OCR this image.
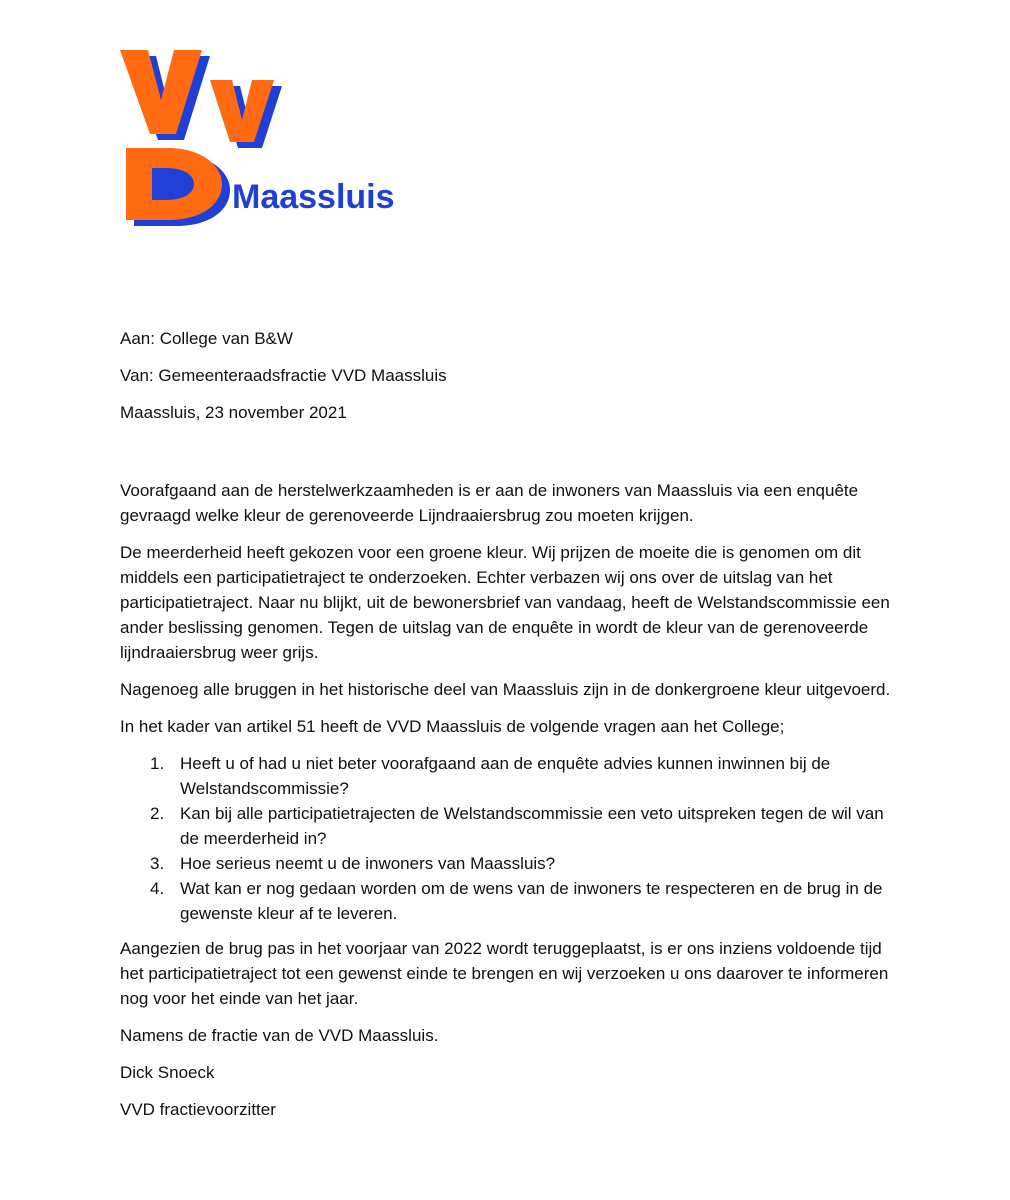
Maassluis

Aan: College van B&W

Van: Gemeenteraadsfractie VVD Maassluis

Maassluis, 23 november 2021

Voorafgaand aan de herstelwerkzaamheden is er aan de inwoners van Maassluis via een enquête gevraagd welke kleur de gerenoveerde Lijndraaiersbrug zou moeten krijgen.

De meerderheid heeft gekozen voor een groene kleur. Wij prijzen de moeite die is genomen om dit middels een participatietraject te onderzoeken. Echter verbazen wij ons over de uitslag van het participatietraject. Naar nu blijkt, uit de bewonersbrief van vandaag, heeft de Welstandscommissie een ander beslissing genomen. Tegen de uitslag van de enquête in wordt de kleur van de gerenoveerde lijndraaiersbrug weer grijs.

Nagenoeg alle bruggen in het historische deel van Maassluis zijn in de donkergroene kleur uitgevoerd.

In het kader van artikel 51 heeft de VVD Maassluis de volgende vragen aan het College;

1. Heeft u of had u niet beter voorafgaand aan de enquête advies kunnen inwinnen bij de Welstandscommissie?
2. Kan bij alle participatietrajecten de Welstandscommissie een veto uitspreken tegen de wil van de meerderheid in?
3. Hoe serieus neemt u de inwoners van Maassluis?
4. Wat kan er nog gedaan worden om de wens van de inwoners te respecteren en de brug in de gewenste kleur af te leveren.

Aangezien de brug pas in het voorjaar van 2022 wordt teruggeplaatst, is er ons inziens voldoende tijd het participatietraject tot een gewenst einde te brengen en wij verzoeken u ons daarover te informeren nog voor het einde van het jaar.

Namens de fractie van de VVD Maassluis.

Dick Snoeck

VVD fractievoorzitter
